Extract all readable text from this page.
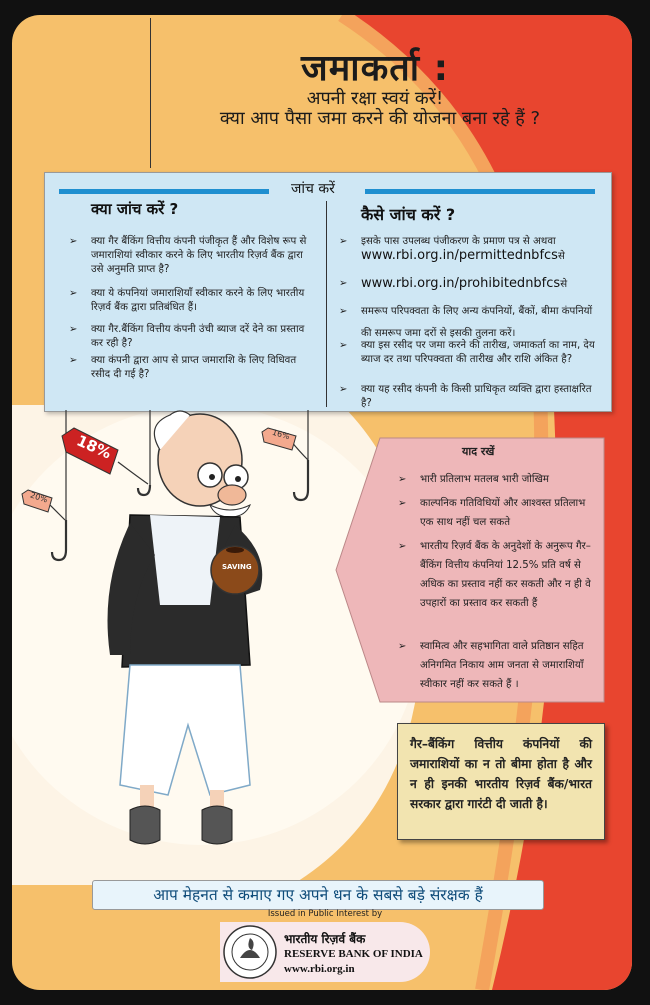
जमाकर्ता :
अपनी रक्षा स्वयं करें!
क्या आप पैसा जमा करने की योजना बना रहे हैं ?
जांच करें
क्या जांच करें ?	कैसे जांच करें ?
➢ क्या गैर बैंकिंग वित्तीय कंपनी पंजीकृत हैं और विशेष रूप से जमाराशियां स्वीकार करने के लिए भारतीय रिज़र्व बैंक द्वारा उसे अनुमति प्राप्त है?
➢ क्या ये कंपनियां जमाराशियाँ स्वीकार करने के लिए भारतीय रिज़र्व बैंक द्वारा प्रतिबंधित हैं।
➢ क्या गैर.बैंकिंग वित्तीय कंपनी उंची ब्याज दरें देने का प्रस्ताव कर रही है?
➢ क्या कंपनी द्वारा आप से प्राप्त जमाराशि के लिए विधिवत रसीद दी गई है?
➢ इसके पास उपलब्ध पंजीकरण के प्रमाण पत्र से अथवा
www.rbi.org.in/permittednbfcsसे
➢ www.rbi.org.in/prohibitednbfcsसे
➢ समरूप परिपक्वता के लिए अन्य कंपनियों, बैंकों, बीमा कंपनियों की समरूप जमा दरों से इसकी तुलना करें।
➢ क्या इस रसीद पर जमा करने की तारीख, जमाकर्ता का नाम, देय ब्याज दर तथा परिपक्वता की तारीख और राशि अंकित है?
➢ क्या यह रसीद कंपनी के किसी प्राधिकृत व्यक्ति द्वारा हस्ताक्षरित है?
18%	16%
20%
SAVING
याद रखें
➢ भारी प्रतिलाभ मतलब भारी जोखिम
➢ काल्पनिक गतिविधियों और आश्वस्त प्रतिलाभ एक साथ नहीं चल सकते
➢ भारतीय रिज़र्व बैंक के अनुदेशों के अनुरूप गैर–बैंकिंग वित्तीय कंपनियां 12.5% प्रति वर्ष से अधिक का प्रस्ताव नहीं कर सकती और न ही वे उपहारों का प्रस्ताव कर सकती हैं
➢ स्वामित्व और सहभागिता वाले प्रतिष्ठान सहित अनिगमित निकाय आम जनता से जमाराशियाँ स्वीकार नहीं कर सकते हैं ।
गैर–बैंकिंग वित्तीय कंपनियों की जमाराशियों का न तो बीमा होता है और न ही इनकी भारतीय रिज़र्व बैंक/भारत सरकार द्वारा गारंटी दी जाती है।
आप मेहनत से कमाए गए अपने धन के सबसे बड़े संरक्षक हैं
Issued in Public Interest by
भारतीय रिज़र्व बैंक
RESERVE BANK OF INDIA
www.rbi.org.in
